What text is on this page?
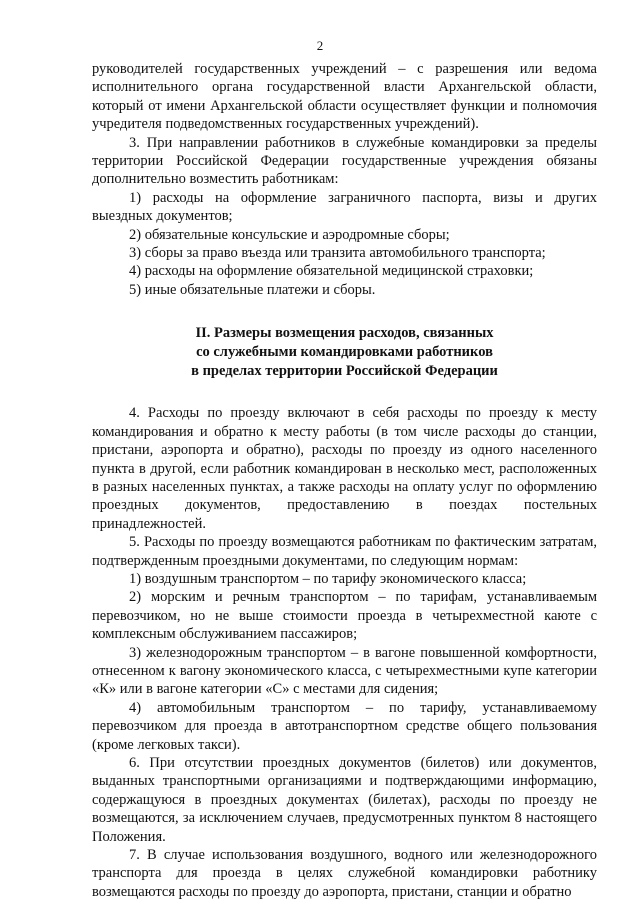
2

руководителей государственных учреждений – с разрешения или ведома исполнительного органа государственной власти Архангельской области, который от имени Архангельской области осуществляет функции и полномочия учредителя подведомственных государственных учреждений).

3. При направлении работников в служебные командировки за пределы территории Российской Федерации государственные учреждения обязаны дополнительно возместить работникам:

1) расходы на оформление заграничного паспорта, визы и других выездных документов;

2) обязательные консульские и аэродромные сборы;

3) сборы за право въезда или транзита автомобильного транспорта;

4) расходы на оформление обязательной медицинской страховки;

5) иные обязательные платежи и сборы.

II. Размеры возмещения расходов, связанных
со служебными командировками работников
в пределах территории Российской Федерации

4. Расходы по проезду включают в себя расходы по проезду к месту командирования и обратно к месту работы (в том числе расходы до станции, пристани, аэропорта и обратно), расходы по проезду из одного населенного пункта в другой, если работник командирован в несколько мест, расположенных в разных населенных пунктах, а также расходы на оплату услуг по оформлению проездных документов, предоставлению в поездах постельных принадлежностей.

5. Расходы по проезду возмещаются работникам по фактическим затратам, подтвержденным проездными документами, по следующим нормам:

1) воздушным транспортом – по тарифу экономического класса;

2) морским и речным транспортом – по тарифам, устанавливаемым перевозчиком, но не выше стоимости проезда в четырехместной каюте с комплексным обслуживанием пассажиров;

3) железнодорожным транспортом – в вагоне повышенной комфортности, отнесенном к вагону экономического класса, с четырехместными купе категории «К» или в вагоне категории «С» с местами для сидения;

4) автомобильным транспортом – по тарифу, устанавливаемому перевозчиком для проезда в автотранспортном средстве общего пользования (кроме легковых такси).

6. При отсутствии проездных документов (билетов) или документов, выданных транспортными организациями и подтверждающими информацию, содержащуюся в проездных документах (билетах), расходы по проезду не возмещаются, за исключением случаев, предусмотренных пунктом 8 настоящего Положения.

7. В случае использования воздушного, водного или железнодорожного транспорта для проезда в целях служебной командировки работнику возмещаются расходы по проезду до аэропорта, пристани, станции и обратно
